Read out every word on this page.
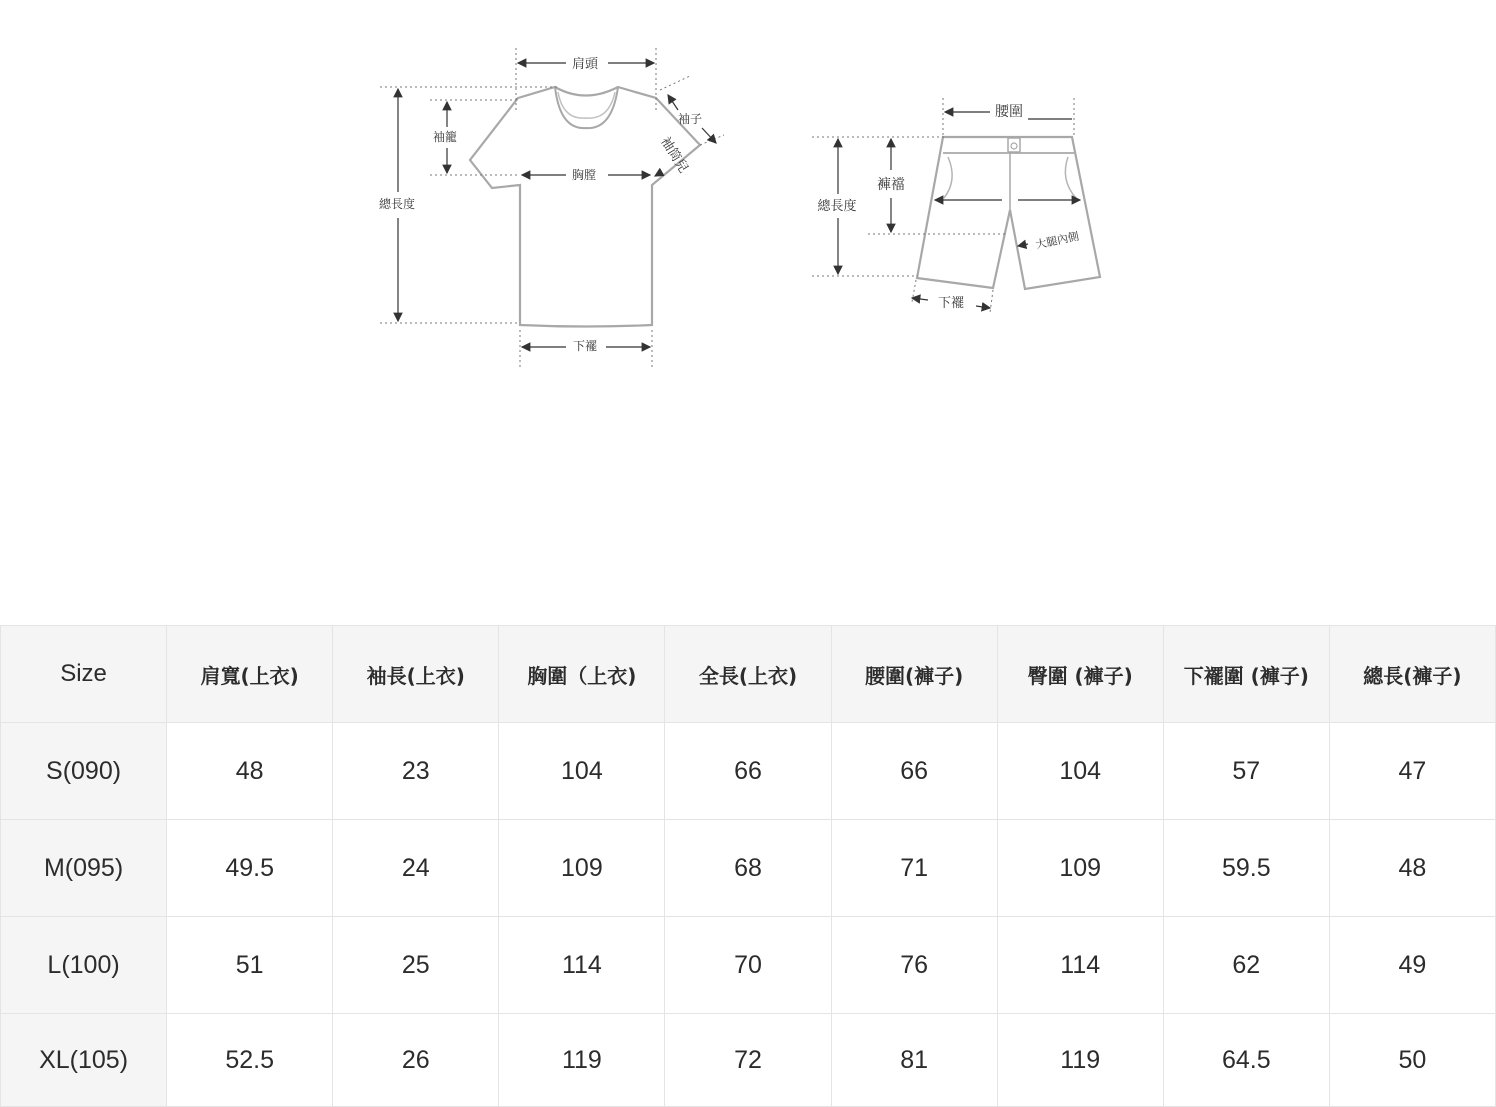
肩頭
袖子
袖籠	袖筒兒
胸膛
總長度
下襬
腰圍
褲襠
總長度
大腿內側
下襬
Size	肩寬(上衣)	袖長(上衣)	胸圍（上衣)	全長(上衣)	腰圍(褲子)	臀圍 (褲子)	下襬圍 (褲子)	總長(褲子)
S(090)	48	23	104	66	66	104	57	47
M(095)	49.5	24	109	68	71	109	59.5	48
L(100)	51	25	114	70	76	114	62	49
XL(105)	52.5	26	119	72	81	119	64.5	50
